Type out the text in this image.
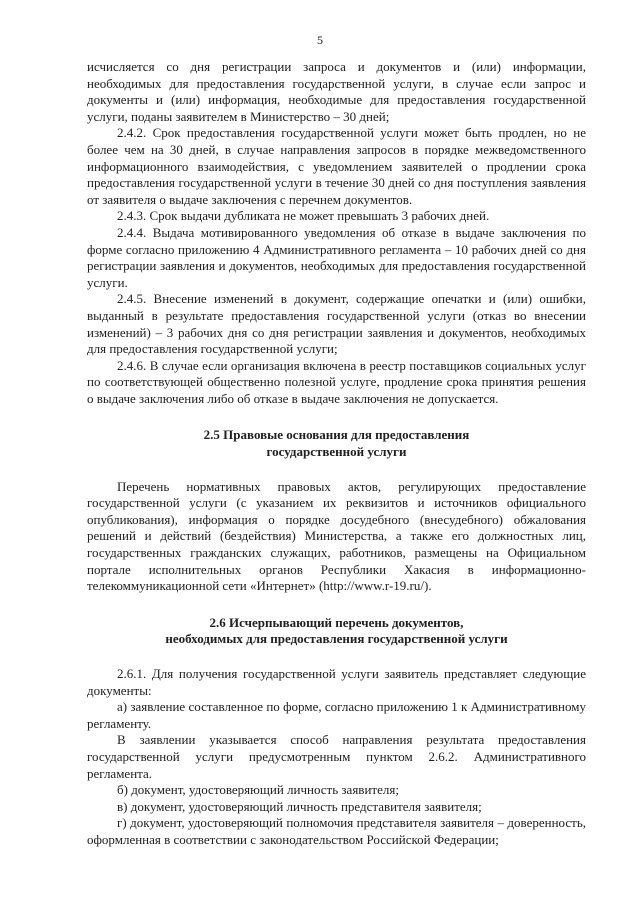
5

исчисляется со дня регистрации запроса и документов и (или) информации, необходимых для предоставления государственной услуги, в случае если запрос и документы и (или) информация, необходимые для предоставления государственной услуги, поданы заявителем в Министерство – 30 дней;

2.4.2. Срок предоставления государственной услуги может быть продлен, но не более чем на 30 дней, в случае направления запросов в порядке межведомственного информационного взаимодействия, с уведомлением заявителей о продлении срока предоставления государственной услуги в течение 30 дней со дня поступления заявления от заявителя о выдаче заключения с перечнем документов.

2.4.3. Срок выдачи дубликата не может превышать 3 рабочих дней.

2.4.4. Выдача мотивированного уведомления об отказе в выдаче заключения по форме согласно приложению 4 Административного регламента – 10 рабочих дней со дня регистрации заявления и документов, необходимых для предоставления государственной услуги.

2.4.5. Внесение изменений в документ, содержащие опечатки и (или) ошибки, выданный в результате предоставления государственной услуги (отказ во внесении изменений) – 3 рабочих дня со дня регистрации заявления и документов, необходимых для предоставления государственной услуги;

2.4.6. В случае если организация включена в реестр поставщиков социальных услуг по соответствующей общественно полезной услуге, продление срока принятия решения о выдаче заключения либо об отказе в выдаче заключения не допускается.

2.5 Правовые основания для предоставления
государственной услуги

Перечень нормативных правовых актов, регулирующих предоставление государственной услуги (с указанием их реквизитов и источников официального опубликования), информация о порядке досудебного (внесудебного) обжалования решений и действий (бездействия) Министерства, а также его должностных лиц, государственных гражданских служащих, работников, размещены на Официальном портале исполнительных органов Республики Хакасия в информационно-телекоммуникационной сети «Интернет» (http://www.r-19.ru/).

2.6 Исчерпывающий перечень документов,
необходимых для предоставления государственной услуги

2.6.1. Для получения государственной услуги заявитель представляет следующие документы:

а) заявление составленное по форме, согласно приложению 1 к Административному регламенту.

В заявлении указывается способ направления результата предоставления государственной услуги предусмотренным пунктом 2.6.2. Административного регламента.

б) документ, удостоверяющий личность заявителя;

в) документ, удостоверяющий личность представителя заявителя;

г) документ, удостоверяющий полномочия представителя заявителя – доверенность, оформленная в соответствии с законодательством Российской Федерации;
